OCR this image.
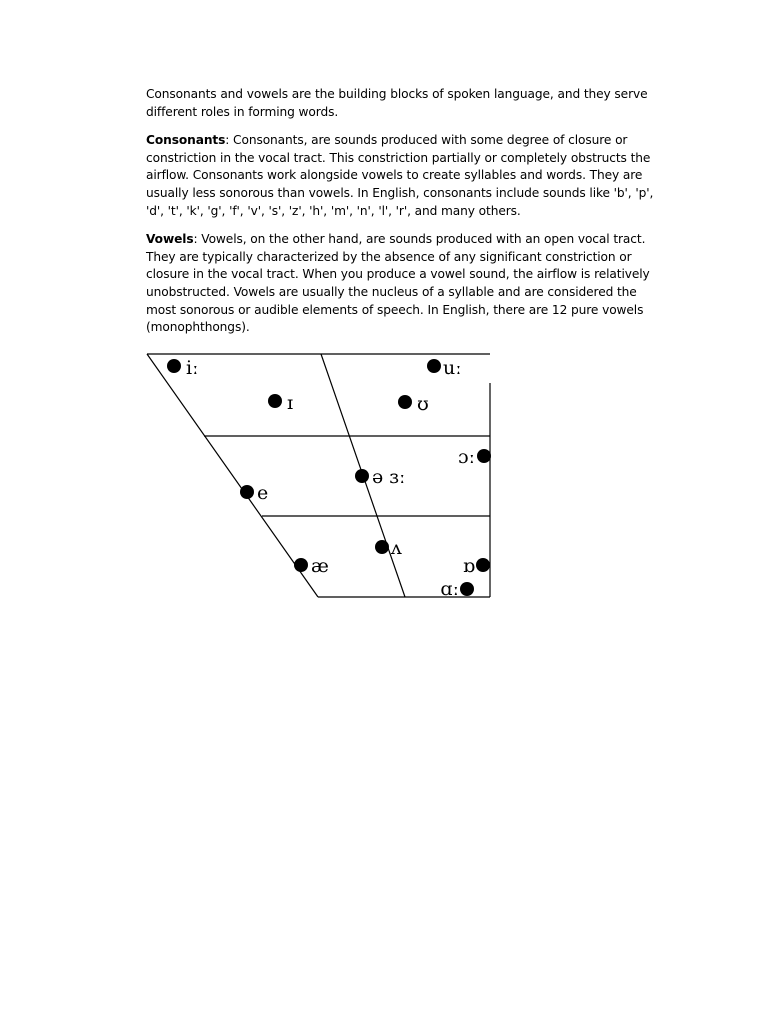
Consonants and vowels are the building blocks of spoken language, and they serve different roles in forming words.

Consonants: Consonants, are sounds produced with some degree of closure or constriction in the vocal tract. This constriction partially or completely obstructs the airflow. Consonants work alongside vowels to create syllables and words. They are usually less sonorous than vowels. In English, consonants include sounds like 'b', 'p', 'd', 't', 'k', 'g', 'f', 'v', 's', 'z', 'h', 'm', 'n', 'l', 'r', and many others.

Vowels: Vowels, on the other hand, are sounds produced with an open vocal tract. They are typically characterized by the absence of any significant constriction or closure in the vocal tract. When you produce a vowel sound, the airflow is relatively unobstructed. Vowels are usually the nucleus of a syllable and are considered the most sonorous or audible elements of speech. In English, there are 12 pure vowels (monophthongs).

iː	uː
ɪ	ʊ
ɔː
ə ɜː
e
ʌ
æ	ɒ
ɑː
